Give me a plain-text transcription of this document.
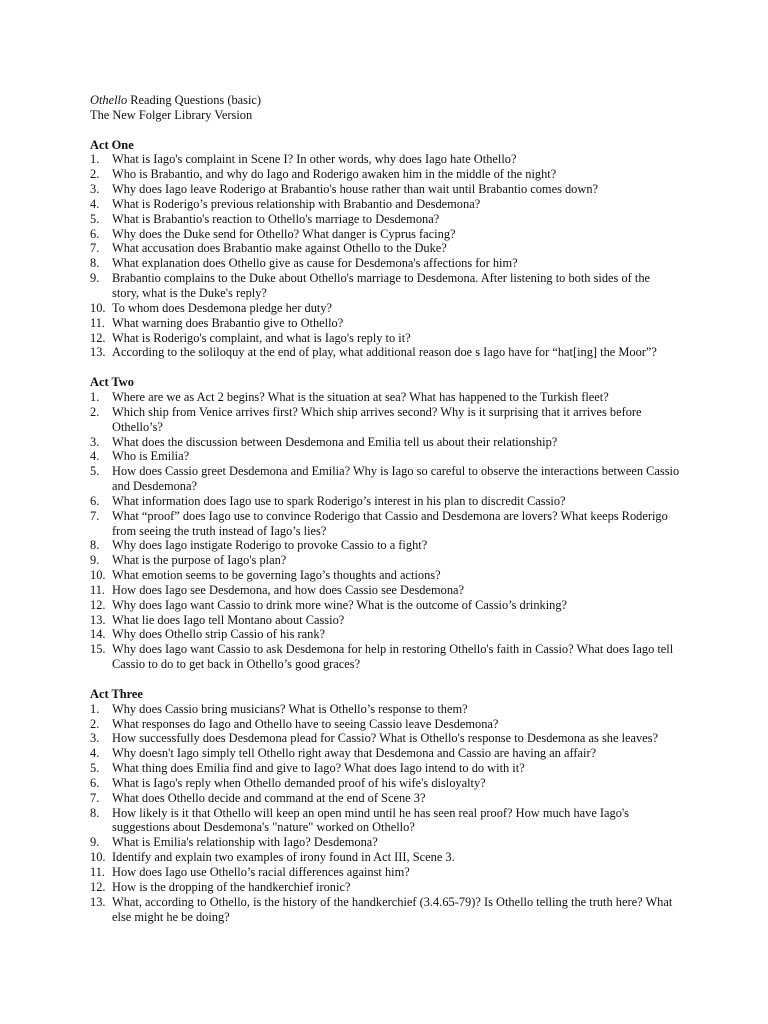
Othello Reading Questions (basic)
The New Folger Library Version
Act One
1. What is Iago's complaint in Scene I? In other words, why does Iago hate Othello?
2. Who is Brabantio, and why do Iago and Roderigo awaken him in the middle of the night?
3. Why does Iago leave Roderigo at Brabantio's house rather than wait until Brabantio comes down?
4. What is Roderigo’s previous relationship with Brabantio and Desdemona?
5. What is Brabantio's reaction to Othello's marriage to Desdemona?
6. Why does the Duke send for Othello? What danger is Cyprus facing?
7. What accusation does Brabantio make against Othello to the Duke?
8. What explanation does Othello give as cause for Desdemona's affections for him?
9. Brabantio complains to the Duke about Othello's marriage to Desdemona. After listening to both sides of the story, what is the Duke's reply?
10. To whom does Desdemona pledge her duty?
11. What warning does Brabantio give to Othello?
12. What is Roderigo's complaint, and what is Iago's reply to it?
13. According to the soliloquy at the end of play, what additional reason doe s Iago have for “hat[ing] the Moor”?
Act Two
1. Where are we as Act 2 begins? What is the situation at sea? What has happened to the Turkish fleet?
2. Which ship from Venice arrives first? Which ship arrives second? Why is it surprising that it arrives before Othello’s?
3. What does the discussion between Desdemona and Emilia tell us about their relationship?
4. Who is Emilia?
5. How does Cassio greet Desdemona and Emilia? Why is Iago so careful to observe the interactions between Cassio and Desdemona?
6. What information does Iago use to spark Roderigo’s interest in his plan to discredit Cassio?
7. What “proof” does Iago use to convince Roderigo that Cassio and Desdemona are lovers? What keeps Roderigo from seeing the truth instead of Iago’s lies?
8. Why does Iago instigate Roderigo to provoke Cassio to a fight?
9. What is the purpose of Iago's plan?
10. What emotion seems to be governing Iago’s thoughts and actions?
11. How does Iago see Desdemona, and how does Cassio see Desdemona?
12. Why does Iago want Cassio to drink more wine? What is the outcome of Cassio’s drinking?
13. What lie does Iago tell Montano about Cassio?
14. Why does Othello strip Cassio of his rank?
15. Why does Iago want Cassio to ask Desdemona for help in restoring Othello's faith in Cassio? What does Iago tell Cassio to do to get back in Othello’s good graces?
Act Three
1. Why does Cassio bring musicians? What is Othello’s response to them?
2. What responses do Iago and Othello have to seeing Cassio leave Desdemona?
3. How successfully does Desdemona plead for Cassio? What is Othello's response to Desdemona as she leaves?
4. Why doesn't Iago simply tell Othello right away that Desdemona and Cassio are having an affair?
5. What thing does Emilia find and give to Iago? What does Iago intend to do with it?
6. What is Iago's reply when Othello demanded proof of his wife's disloyalty?
7. What does Othello decide and command at the end of Scene 3?
8. How likely is it that Othello will keep an open mind until he has seen real proof? How much have Iago's suggestions about Desdemona's "nature" worked on Othello?
9. What is Emilia's relationship with Iago? Desdemona?
10. Identify and explain two examples of irony found in Act III, Scene 3.
11. How does Iago use Othello’s racial differences against him?
12. How is the dropping of the handkerchief ironic?
13. What, according to Othello, is the history of the handkerchief (3.4.65-79)? Is Othello telling the truth here? What else might he be doing?
